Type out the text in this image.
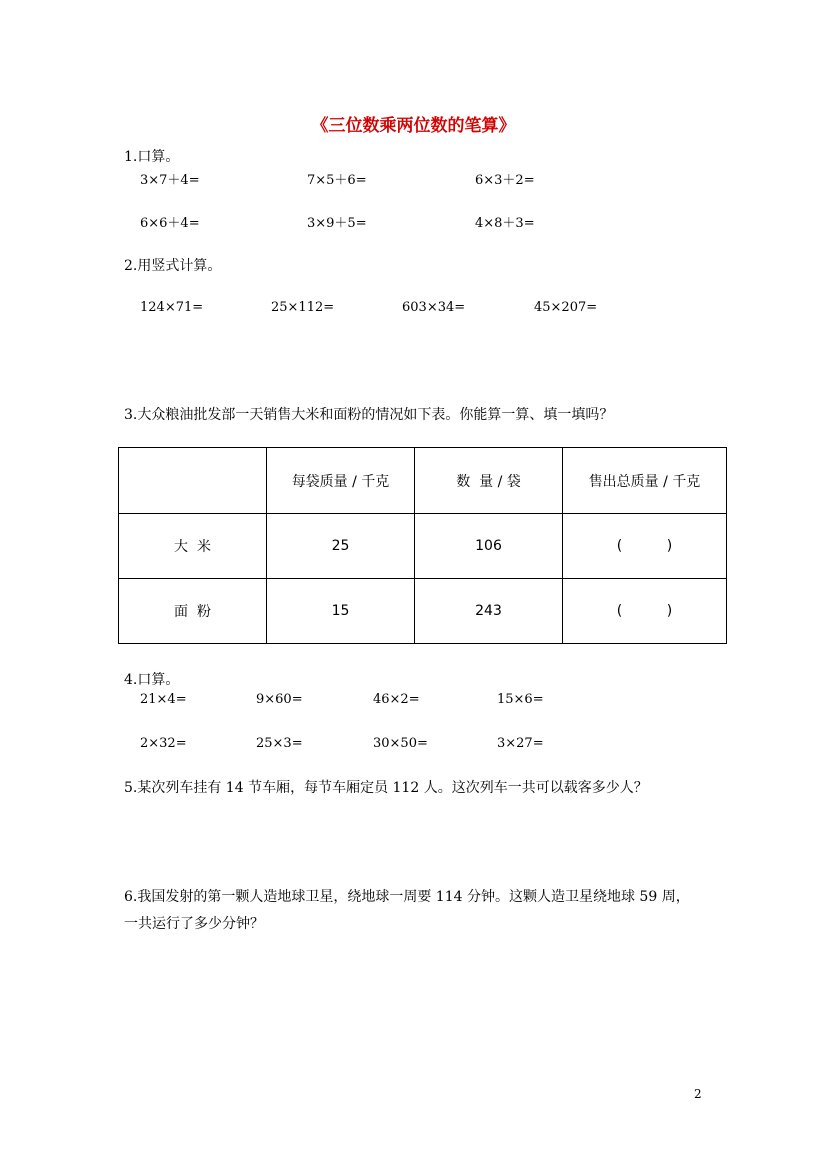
《三位数乘两位数的笔算》
1.口算。
3×7＋4=	7×5＋6=	6×3＋2=
6×6＋4=	3×9＋5=	4×8＋3=
2.用竖式计算。
124×71=	25×112=	603×34=	45×207=
3.大众粮油批发部一天销售大米和面粉的情况如下表。你能算一算、填一填吗？
	每袋质量 / 千克	数  量 / 袋	售出总质量 / 千克
大  米	25	106	(          )
面  粉	15	243	(          )
4.口算。
21×4=	9×60=	46×2=	15×6=
2×32=	25×3=	30×50=	3×27=
5.某次列车挂有 14 节车厢，每节车厢定员 112 人。这次列车一共可以载客多少人？
6.我国发射的第一颗人造地球卫星，绕地球一周要 114 分钟。这颗人造卫星绕地球 59 周，
一共运行了多少分钟？
2
